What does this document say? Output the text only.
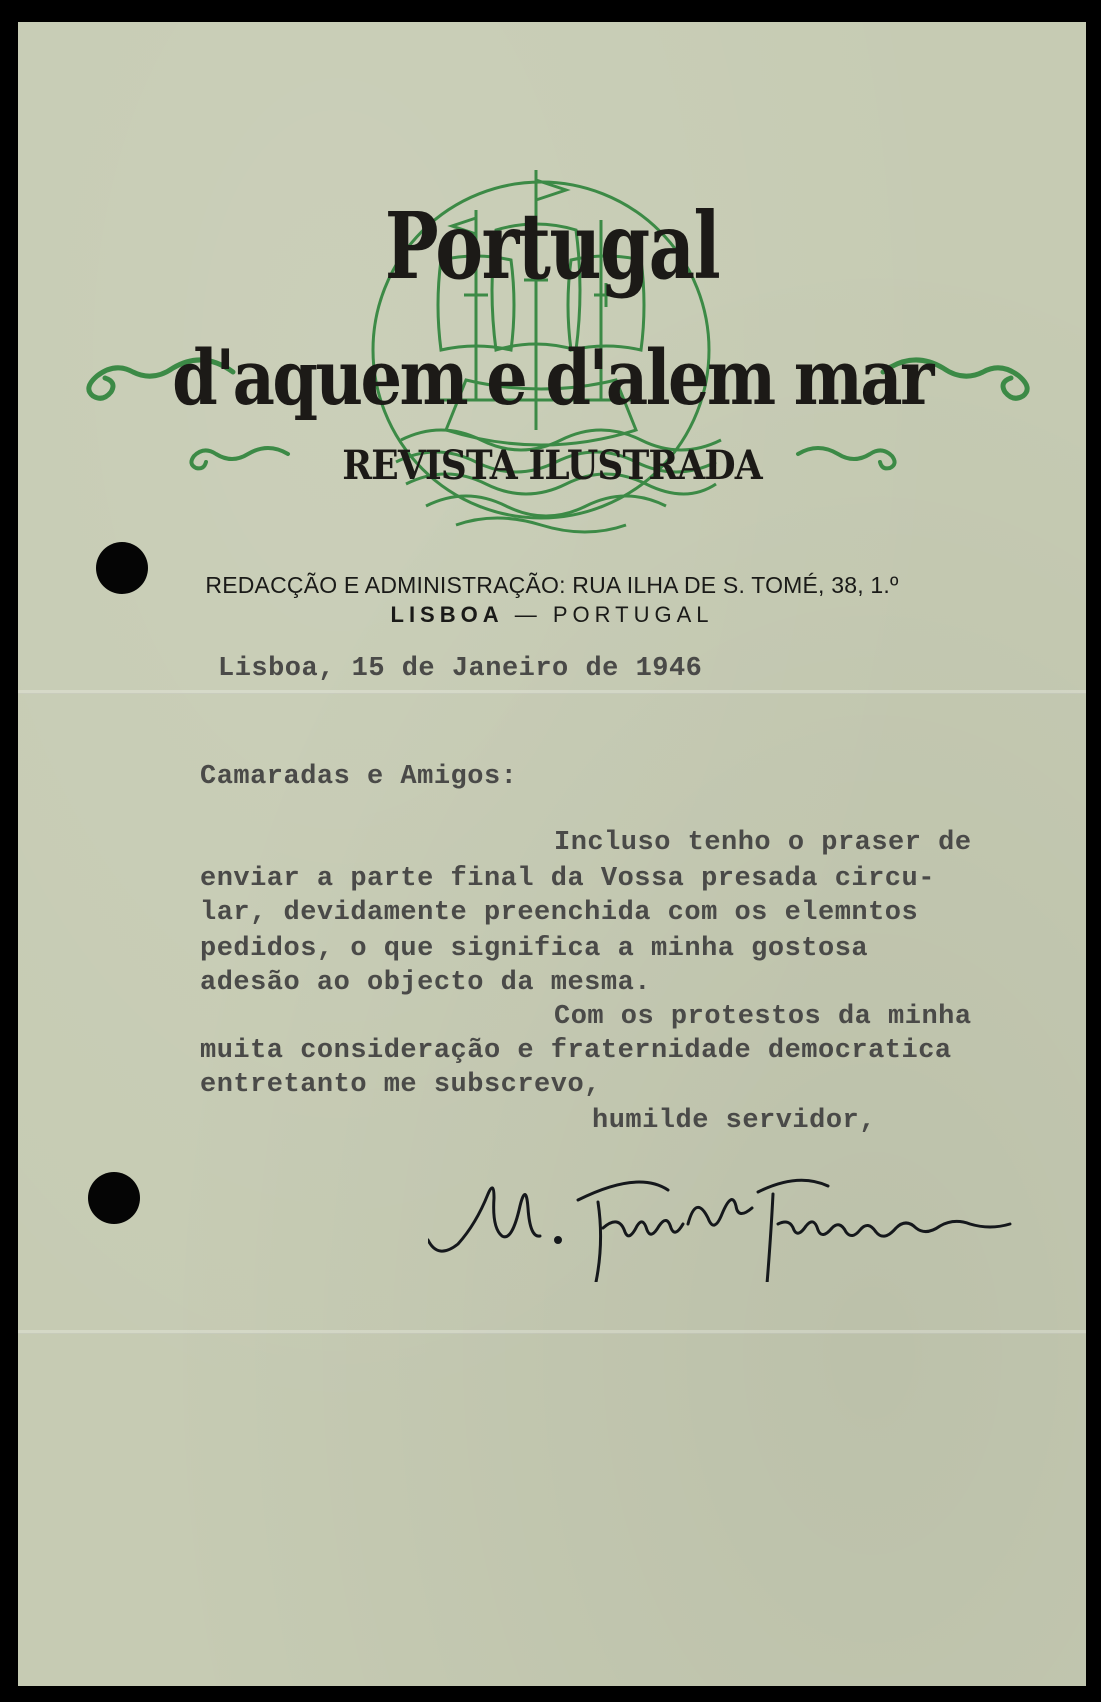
Portugal
d'aquem e d'alem mar
REVISTA ILUSTRADA
REDACÇÃO E ADMINISTRAÇÃO: RUA ILHA DE S. TOMÉ, 38, 1.º
LISBOA — PORTUGAL
Lisboa, 15 de Janeiro de 1946
Camaradas e Amigos:
Incluso tenho o praser de
enviar a parte final da Vossa presada circu-
lar, devidamente preenchida com os elemntos
pedidos, o que significa a minha gostosa
adesão ao objecto da mesma.
Com os protestos da minha
muita consideração e fraternidade democratica
entretanto me subscrevo,
humilde servidor,
